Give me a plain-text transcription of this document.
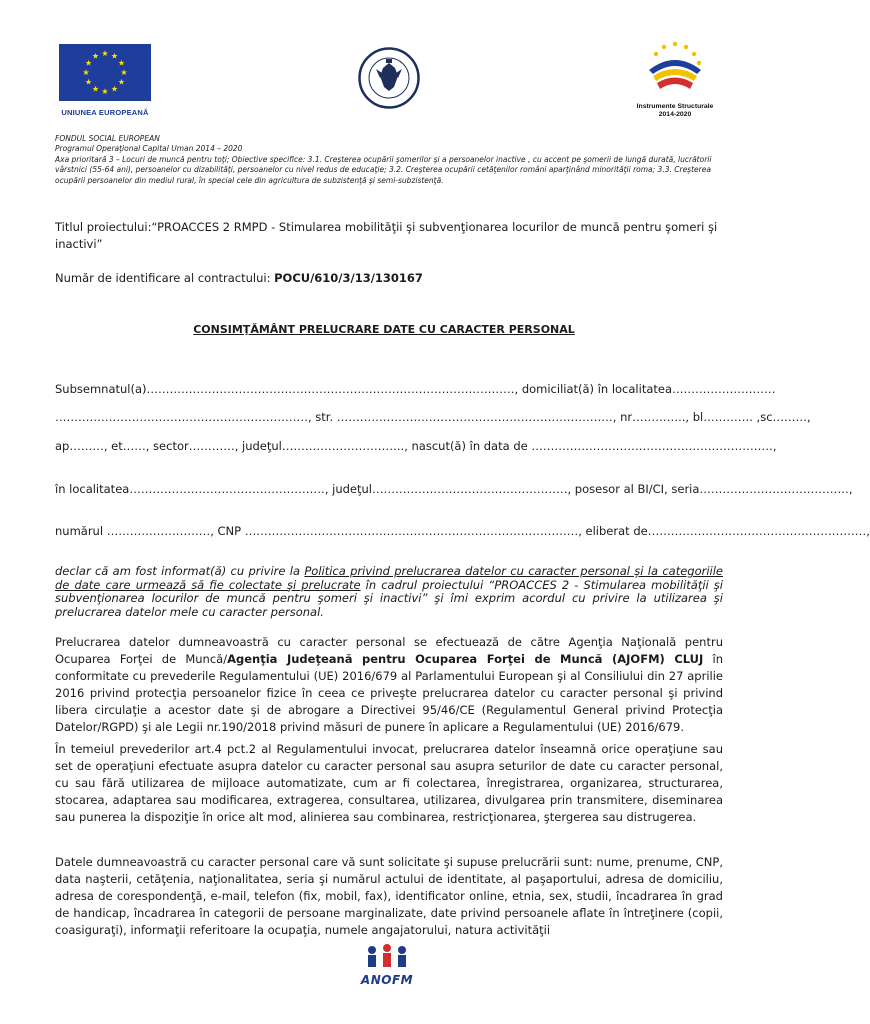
UNIUNEA EUROPEANĂ
Instrumente Structurale
2014-2020
FONDUL SOCIAL EUROPEAN
Programul Operaţional Capital Uman 2014 – 2020
Axa prioritară 3 – Locuri de muncă pentru toţi; Obiective specifice: 3.1. Creşterea ocupării şomerilor şi a persoanelor inactive , cu accent pe şomerii de lungă durată, lucrătorii vârstnici (55-64 ani), persoanelor cu dizabilităţi, persoanelor cu nivel redus de educaţie; 3.2. Creşterea ocupării cetăţenilor români aparţinând minorităţii roma; 3.3. Creşterea ocupării persoanelor din mediul rural, în special cele din agricultura de subzistenţă şi semi-subzistenţă.
Titlul proiectului:“PROACCES 2 RMPD - Stimularea mobilităţii şi subvenţionarea locurilor de muncă pentru şomeri şi inactivi”
Număr de identificare al contractului: POCU/610/3/13/130167
CONSIMŢĂMÂNT PRELUCRARE DATE CU CARACTER PERSONAL
Subsemnatul(a)……………………………………………………………………………………, domiciliat(ă) în localitatea………………………
…………………………………………………………, str. ………………………………………………………………, nr………….., bl…………. ,sc………,
ap………, et……, sector…………, judeţul………………………….., nascut(ă) în data de ………………………………………………………,
în localitatea……………………………………………, judeţul……………………………………………, posesor al BI/CI, seria…………………………………,
numărul ………………………, CNP ……………………………………………………………………………, eliberat de…………………………………………………,
declar că am fost informat(ă) cu privire la Politica privind prelucrarea datelor cu caracter personal şi la categoriile de date care urmează să fie colectate şi prelucrate în cadrul proiectului “PROACCES 2 - Stimularea mobilităţii şi subvenţionarea locurilor de muncă pentru şomeri şi inactivi” şi îmi exprim acordul cu privire la utilizarea şi prelucrarea datelor mele cu caracter personal.
Prelucrarea datelor dumneavoastră cu caracter personal se efectuează de către Agenţia Naţională pentru Ocuparea Forţei de Muncă/Agenţia Judeţeană pentru Ocuparea Forţei de Muncă (AJOFM) CLUJ în conformitate cu prevederile Regulamentului (UE) 2016/679 al Parlamentului European şi al Consiliului din 27 aprilie 2016 privind protecţia persoanelor fizice în ceea ce priveşte prelucrarea datelor cu caracter personal şi privind libera circulaţie a acestor date şi de abrogare a Directivei 95/46/CE (Regulamentul General privind Protecţia Datelor/RGPD) şi ale Legii nr.190/2018 privind măsuri de punere în aplicare a Regulamentului (UE) 2016/679.
În temeiul prevederilor art.4 pct.2 al Regulamentului invocat, prelucrarea datelor înseamnă orice operaţiune sau set de operaţiuni efectuate asupra datelor cu caracter personal sau asupra seturilor de date cu caracter personal, cu sau fără utilizarea de mijloace automatizate, cum ar fi colectarea, înregistrarea, organizarea, structurarea, stocarea, adaptarea sau modificarea, extragerea, consultarea, utilizarea, divulgarea prin transmitere, diseminarea sau punerea la dispoziţie în orice alt mod, alinierea sau combinarea, restricţionarea, ştergerea sau distrugerea.
Datele dumneavoastră cu caracter personal care vă sunt solicitate şi supuse prelucrării sunt: nume, prenume, CNP, data naşterii, cetăţenia, naţionalitatea, seria şi numărul actului de identitate, al paşaportului, adresa de domiciliu, adresa de corespondenţă, e-mail, telefon (fix, mobil, fax), identificator online, etnia, sex, studii, încadrarea în grad de handicap, încadrarea în categorii de persoane marginalizate, date privind persoanele aflate în întreţinere (copii, coasiguraţi), informaţii referitoare la ocupaţia, numele angajatorului, natura activităţii
ANOFM
